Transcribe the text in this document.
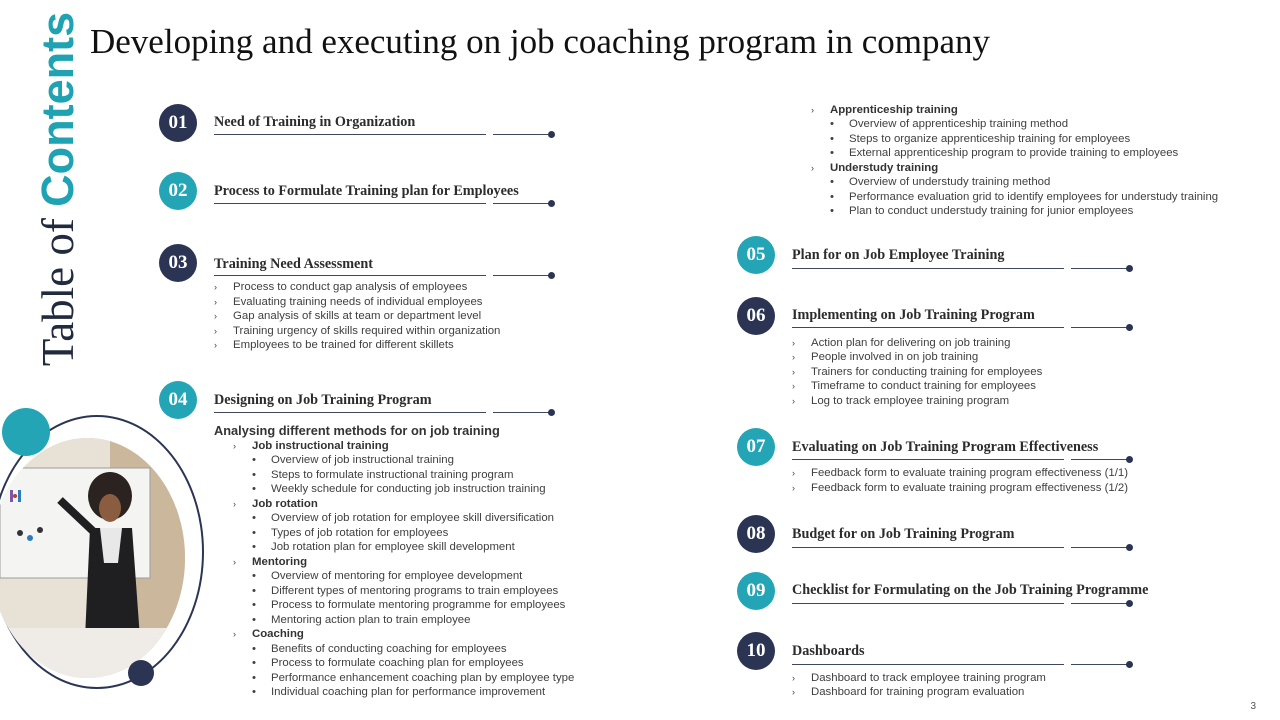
Table of Contents Developing and executing on job coaching program in company
01	Need of Training in Organization
02	Process to Formulate Training plan for Employees
03	Training Need Assessment
›	Process to conduct gap analysis of employees
›	Evaluating training needs of individual employees
›	Gap analysis of skills at team or department level
›	Training urgency of skills required within organization
›	Employees to be trained for different skillets
04	Designing on Job Training Program
Analysing different methods for on job training
›	Job instructional training
•	Overview of job instructional training
•	Steps to formulate instructional training program
•	Weekly schedule for conducting job instruction training
›	Job rotation
•	Overview of job rotation for employee skill diversification
•	Types of job rotation for employees
•	Job rotation plan for employee skill development
›	Mentoring
•	Overview of mentoring for employee development
•	Different types of mentoring programs to train employees
•	Process to formulate mentoring programme for employees
•	Mentoring action plan to train employee
›	Coaching
•	Benefits of conducting coaching for employees
•	Process to formulate coaching plan for employees
•	Performance enhancement coaching plan by employee type
•	Individual coaching plan for performance improvement
›	Apprenticeship training
•	Overview of apprenticeship training method
•	Steps to organize apprenticeship training for employees
•	External apprenticeship program to provide training to employees
›	Understudy training
•	Overview of understudy training method
•	Performance evaluation grid to identify employees for understudy training
•	Plan to conduct understudy training for junior employees
05	Plan for on Job Employee Training
06	Implementing on Job Training Program
›	Action plan for delivering on job training
›	People involved in on job training
›	Trainers for conducting training for employees
›	Timeframe to conduct training for employees
›	Log to track employee training program
07	Evaluating on Job Training Program Effectiveness
›	Feedback form to evaluate training program effectiveness (1/1)
›	Feedback form to evaluate training program effectiveness (1/2)
08	Budget for on Job Training Program
09	Checklist for Formulating on the Job Training Programme
10	Dashboards
›	Dashboard to track employee training program
›	Dashboard for training program evaluation
3
